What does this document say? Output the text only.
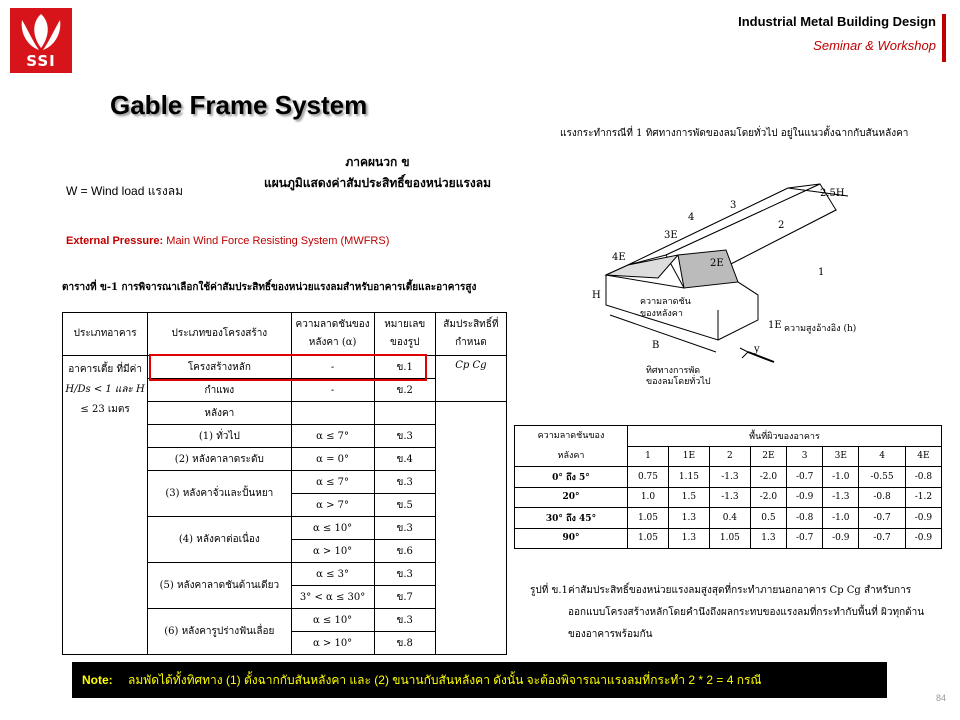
SSI
Industrial Metal Building Design
Seminar & Workshop
Gable Frame System
W = Wind load แรงลม
External Pressure: Main Wind Force Resisting System (MWFRS)
ภาคผนวก ข
แผนภูมิแสดงค่าสัมประสิทธิ์ของหน่วยแรงลม
ตารางที่ ข-1 การพิจารณาเลือกใช้ค่าสัมประสิทธิ์ของหน่วยแรงลมสำหรับอาคารเตี้ยและอาคารสูง
ประเภทอาคาร	ประเภทของโครงสร้าง	ความลาดชันของหลังคา (α)	หมายเลขของรูป	สัมประสิทธิ์ที่กำหนด

อาคารเตี้ย ที่มีค่า
H/Ds < 1 และ H
≤ 23 เมตร	โครงสร้างหลัก	-	ข.1	Cp Cg
	กำแพง	-	ข.2	
	หลังคา			
	(1) ทั่วไป	α ≤ 7°	ข.3	
	(2) หลังคาลาดระดับ	α = 0°	ข.4	
	(3) หลังคาจั่วและปั้นหยา	α ≤ 7°	ข.3	
		α > 7°	ข.5	
	(4) หลังคาต่อเนื่อง	α ≤ 10°	ข.3	
		α > 10°	ข.6	
	(5) หลังคาลาดชันด้านเดียว	α ≤ 3°	ข.3	
		3° < α ≤ 30°	ข.7	
	(6) หลังคารูปร่างฟันเลื่อย	α ≤ 10°	ข.3	
		α > 10°	ข.8	
แรงกระทำกรณีที่ 1 ทิศทางการพัดของลมโดยทั่วไป อยู่ในแนวตั้งฉากกับสันหลังคา
2.5H
1
2
3
4
3E
4E
2E
1E
H
B	y
ความลาดชัน
ของหลังคา
ความสูงอ้างอิง (h)
ทิศทางการพัด
ของลมโดยทั่วไป
ความลาดชันของ
หลังคา	พื้นที่ผิวของอาคาร							
	1	1E	2	2E	3	3E	4	4E
0° ถึง 5°	0.75	1.15	-1.3	-2.0	-0.7	-1.0	-0.55	-0.8
20°	1.0	1.5	-1.3	-2.0	-0.9	-1.3	-0.8	-1.2
30° ถึง 45°	1.05	1.3	0.4	0.5	-0.8	-1.0	-0.7	-0.9
90°	1.05	1.3	1.05	1.3	-0.7	-0.9	-0.7	-0.9
รูปที่ ข.1 ค่าสัมประสิทธิ์ของหน่วยแรงลมสูงสุดที่กระทำภายนอกอาคาร Cp Cg สำหรับการ
ออกแบบโครงสร้างหลักโดยคำนึงถึงผลกระทบของแรงลมที่กระทำกับพื้นที่ ผิวทุกด้าน
ของอาคารพร้อมกัน
Note: ลมพัดได้ทั้งทิศทาง (1) ตั้งฉากกับสันหลังคา และ (2) ขนานกับสันหลังคา ดังนั้น จะต้องพิจารณาแรงลมที่กระทำ 2 * 2 = 4 กรณี
84
